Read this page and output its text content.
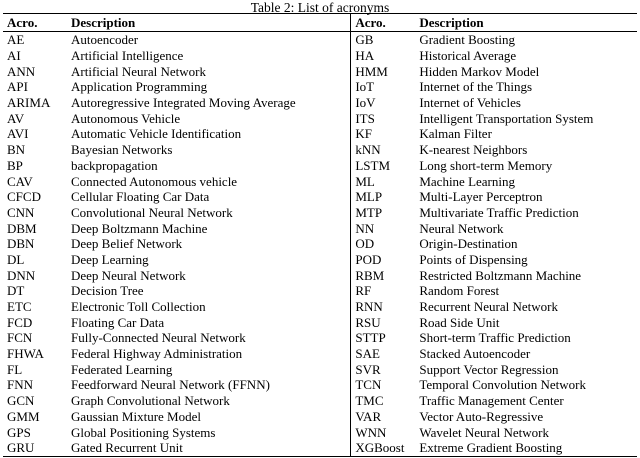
Table 2: List of acronyms
Acro.	Description	Acro.	Description
AE	Autoencoder	GB	Gradient Boosting
AI	Artificial Intelligence	HA	Historical Average
ANN	Artificial Neural Network	HMM	Hidden Markov Model
API	Application Programming	IoT	Internet of the Things
ARIMA	Autoregressive Integrated Moving Average	IoV	Internet of Vehicles
AV	Autonomous Vehicle	ITS	Intelligent Transportation System
AVI	Automatic Vehicle Identification	KF	Kalman Filter
BN	Bayesian Networks	kNN	K-nearest Neighbors
BP	backpropagation	LSTM	Long short-term Memory
CAV	Connected Autonomous vehicle	ML	Machine Learning
CFCD	Cellular Floating Car Data	MLP	Multi-Layer Perceptron
CNN	Convolutional Neural Network	MTP	Multivariate Traffic Prediction
DBM	Deep Boltzmann Machine	NN	Neural Network
DBN	Deep Belief Network	OD	Origin-Destination
DL	Deep Learning	POD	Points of Dispensing
DNN	Deep Neural Network	RBM	Restricted Boltzmann Machine
DT	Decision Tree	RF	Random Forest
ETC	Electronic Toll Collection	RNN	Recurrent Neural Network
FCD	Floating Car Data	RSU	Road Side Unit
FCN	Fully-Connected Neural Network	STTP	Short-term Traffic Prediction
FHWA	Federal Highway Administration	SAE	Stacked Autoencoder
FL	Federated Learning	SVR	Support Vector Regression
FNN	Feedforward Neural Network (FFNN)	TCN	Temporal Convolution Network
GCN	Graph Convolutional Network	TMC	Traffic Management Center
GMM	Gaussian Mixture Model	VAR	Vector Auto-Regressive
GPS	Global Positioning Systems	WNN	Wavelet Neural Network
GRU	Gated Recurrent Unit	XGBoost	Extreme Gradient Boosting
